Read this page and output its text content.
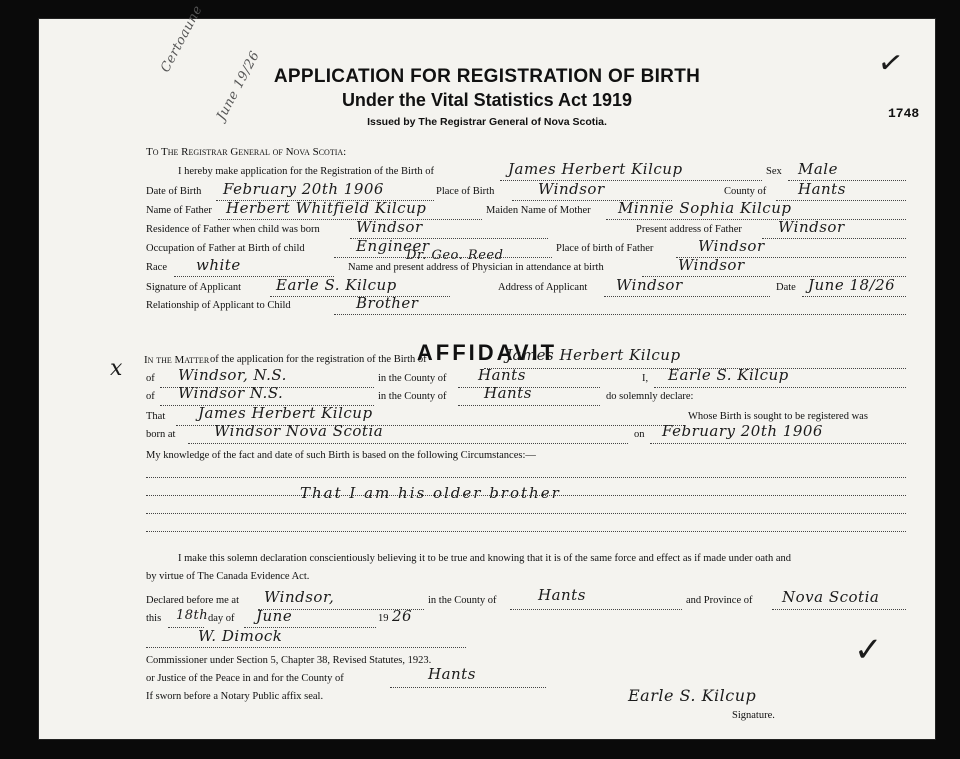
APPLICATION FOR REGISTRATION OF BIRTH
Under the Vital Statistics Act 1919
Issued by The Registrar General of Nova Scotia.
1748
Certoaune
June 19/26
To The Registrar General of Nova Scotia:
I hereby make application for the Registration of the Birth of	James Herbert Kilcup	Sex Male
Date of Birth February 20th 1906	Place of Birth	Windsor	County of Hants
Name of Father Herbert Whitfield Kilcup	Maiden Name of Mother Minnie Sophia Kilcup
Residence of Father when child was born Windsor	Present address of Father Windsor
Occupation of Father at Birth of child	Engineer	Place of birth of Father	Windsor
Race white	Name and present address of Physician in attendance at birth
Dr. Geo. Reed
Windsor
Signature of Applicant Earle S. Kilcup	Address of Applicant Windsor	Date June 18/26
Relationship of Applicant to Child	Brother
AFFIDAVIT
x In the Matter of the application for the registration of the Birth of	James Herbert Kilcup
of Windsor, N.S.	in the County of Hants	I, Earle S. Kilcup
of Windsor N.S.	in the County of Hants	do solemnly declare:
That James Herbert Kilcup	Whose Birth is sought to be registered was
born at	Windsor Nova Scotia	on February 20th 1906
My knowledge of the fact and date of such Birth is based on the following Circumstances:—
That I am his older brother
I make this solemn declaration conscientiously believing it to be true and knowing that it is of the same force and effect as if made under oath and
by virtue of The Canada Evidence Act.
Declared before me at Windsor,	in the County of	Hants	and Province of Nova Scotia
this 18th day of June	19 26
W. Dimock
Commissioner under Section 5, Chapter 38, Revised Statutes, 1923.
or Justice of the Peace in and for the County of	Hants
If sworn before a Notary Public affix seal.	Earle S. Kilcup
Signature.
✓
✓
